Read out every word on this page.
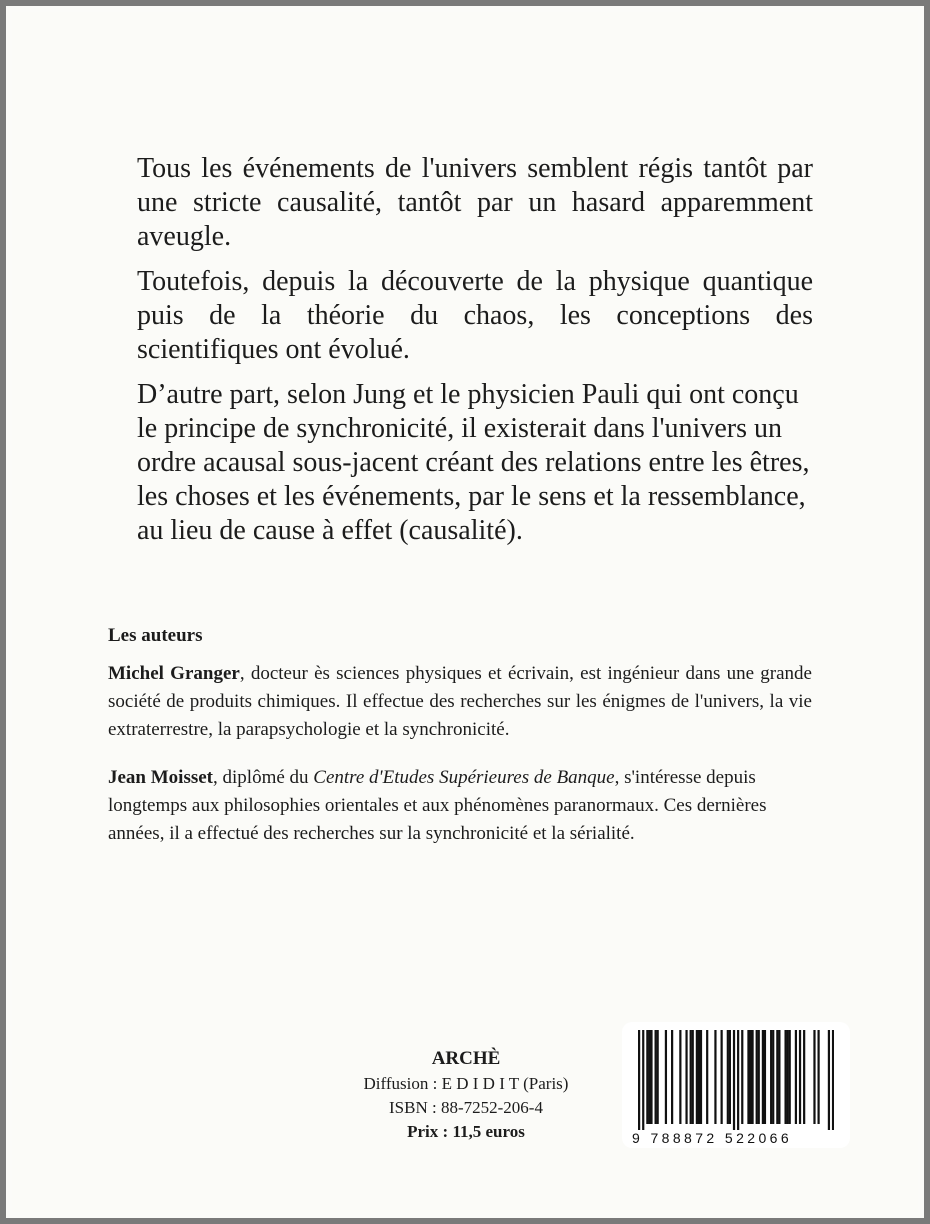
Tous les événements de l'univers semblent régis tantôt par une stricte causalité, tantôt par un hasard apparemment aveugle.

Toutefois, depuis la découverte de la physique quantique puis de la théorie du chaos, les conceptions des scientifiques ont évolué.

D’autre part, selon Jung et le physicien Pauli qui ont conçu le principe de synchronicité, il existerait dans l'univers un ordre acausal sous-jacent créant des relations entre les êtres, les choses et les événements, par le sens et la ressemblance, au lieu de cause à effet (causalité).

Les auteurs

Michel Granger, docteur ès sciences physiques et écrivain, est ingénieur dans une grande société de produits chimiques. Il effectue des recherches sur les énigmes de l'univers, la vie extraterrestre, la parapsychologie et la synchronicité.

Jean Moisset, diplômé du Centre d'Etudes Supérieures de Banque, s'intéresse depuis longtemps aux philosophies orientales et aux phénomènes paranormaux. Ces dernières années, il a effectué des recherches sur la synchronicité et la sérialité.

ARCHÈ
Diffusion : E D I D I T (Paris)
ISBN : 88-7252-206-4
Prix : 11,5 euros	9 788872 522066
